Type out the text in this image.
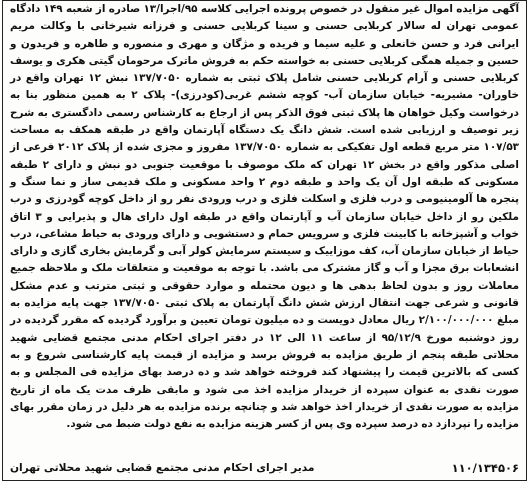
آگهی مزایده اموال غیر منقول در خصوص پرونده اجرایی کلاسه ۹۵/اجرا/۱۳ صادره از شعبه ۱۴۹ دادگاه عمومی تهران له سالار کربلایی حسنی و سینا کربلایی حسنی و فرزانه شیرخانی با وکالت مریم ایرانی فرد و حسن خانعلی و علیه سیما و فریده و مژگان و مهری و منصوره و طاهره و فریدون و حسین و جمیله همگی کربلایی حسنی به خواسته حکم به فروش ماترک مرحومان گیتی هکری و یوسف کربلایی حسنی و آرام کربلایی حسنی شامل پلاک ثبتی به شماره ۱۳۷/۷۰۵۰ نبش ۱۲ تهران واقع در خاوران- مشیریه- خیابان سازمان آب- کوچه ششم غربی(کودرزی)- پلاک ۲ به همین منظور بنا به درخواست وکیل خواهان ها پلاک ثبتی فوق الذکر پس از ارجاع به کارشناس رسمی دادگستری به شرح زیر توصیف و ارزیابی شده است. شش دانگ یک دستگاه آپارتمان واقع در طبقه همکف به مساحت ۱۰۷/۵۳ متر مربع قطعه اول تفکیکی به شماره ۱۳۷/۷۰۵۰ مفروز و مجزی شده از پلاک ۲۰۱۲ فرعی از اصلی مذکور واقع در بخش ۱۲ تهران که ملک موصوف با موقعیت جنوبی دو نبش و دارای ۲ طبقه مسکونی که طبقه اول آن یک واحد و طبقه دوم ۲ واحد مسکونی و ملک قدیمی ساز و نما سنگ و پنجره ها آلومینیومی و درب فلزی و اسکلت فلزی و درب ورودی نفر رو از داخل کوچه گودرزی و درب ملکین رو از داخل خیابان سازمان آب و آپارتمان واقع در طبقه اول دارای هال و پذیرایی و ۳ اتاق خواب و آشپزخانه با کابینت فلزی و سرویس حمام و دستشویی و دارای ورودی به حیاط مشاعی، درب حیاط از خیابان سازمان آب، کف موزاییک و سیستم سرمایش کولر آبی و گرمایش بخاری گازی و دارای انشعابات برق مجزا و آب و گاز مشترک می باشد. با توجه به موقعیت و متعلقات ملک و ملاحظه جمیع معاملات روز و بدون لحاظ بدهی ها و دیون محتمله و موارد حقوقی و ثبتی مترتب و عدم مشکل قانونی و شرعی جهت انتقال ارزش شش دانگ آپارتمان به پلاک ثبتی ۱۳۷/۷۰۵۰ جهت پایه مزایده به مبلغ ۲/۱۰۰/۰۰۰/۰۰۰ ریال معادل دویست و ده میلیون تومان تعیین و برآورد گردیده که مقرر گردیده در روز دوشنبه مورخ ۹۵/۱۲/۹ از ساعت ۱۱ الی ۱۲ در دفتر اجرای احکام مدنی مجتمع قضایی شهید محلاتی طبقه پنجم از طریق مزایده به فروش برسد و مزایده از قیمت پایه کارشناسی شروع و به کسی که بالاترین قیمت را پیشنهاد کند فروخته خواهد شد و ده درصد بهای مزایده فی المجلس و به صورت نقدی به عنوان سپرده از خریدار مزایده اخذ می شود و مابقی ظرف مدت یک ماه از تاریخ مزایده به صورت نقدی از خریدار اخذ خواهد شد و چنانچه برنده مزایده به هر دلیل در زمان مقرر بهای مزایده را نپردازد ده درصد سپرده وی پس از کسر هزینه مزایده به نفع دولت ضبط می شود.
مدیر اجرای احکام مدنی مجتمع قضایی شهید محلاتی تهران	۱۱۰/۱۳۴۵۰۶
